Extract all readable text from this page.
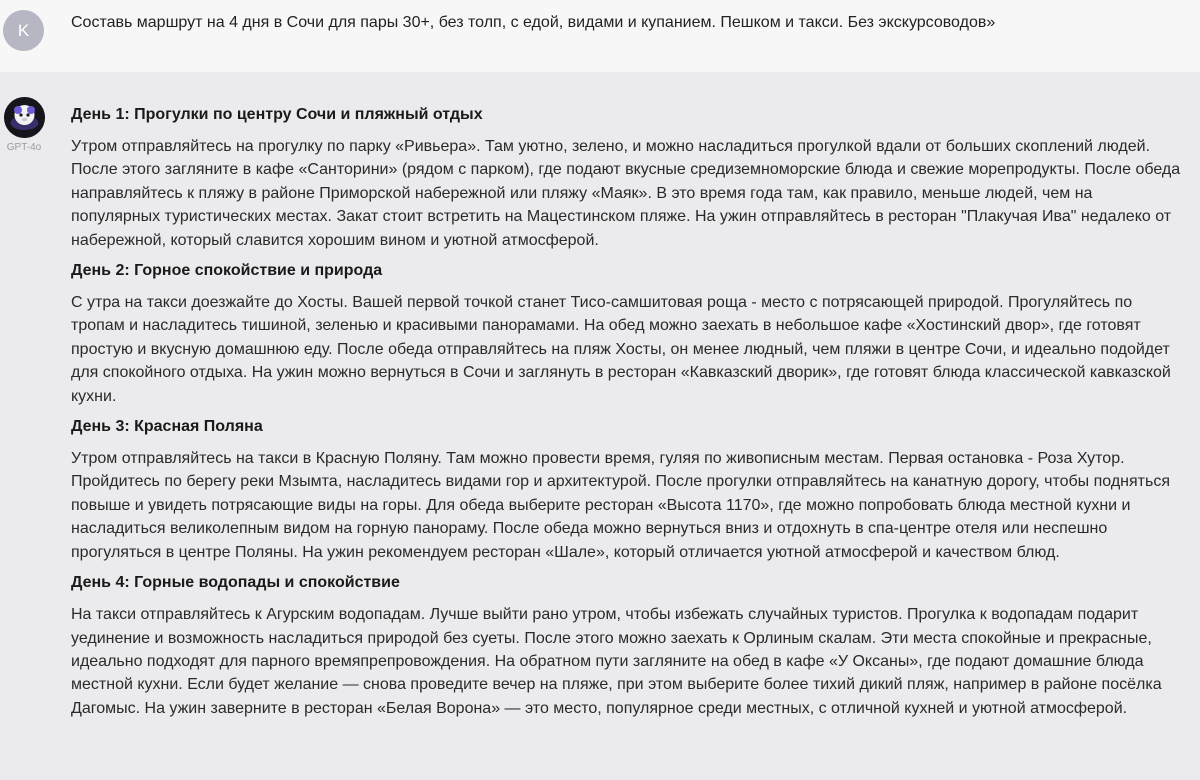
K	Составь маршрут на 4 дня в Сочи для пары 30+, без толп, с едой, видами и купанием. Пешком и такси. Без экскурсоводов»
GPT-4o
День 1: Прогулки по центру Сочи и пляжный отдых
Утром отправляйтесь на прогулку по парку «Ривьера». Там уютно, зелено, и можно насладиться прогулкой вдали от больших скоплений людей. После этого загляните в кафе «Санторини» (рядом с парком), где подают вкусные средиземноморские блюда и свежие морепродукты. После обеда направляйтесь к пляжу в районе Приморской набережной или пляжу «Маяк». В это время года там, как правило, меньше людей, чем на популярных туристических местах. Закат стоит встретить на Мацестинском пляже. На ужин отправляйтесь в ресторан "Плакучая Ива" недалеко от набережной, который славится хорошим вином и уютной атмосферой.
День 2: Горное спокойствие и природа
С утра на такси доезжайте до Хосты. Вашей первой точкой станет Тисо-самшитовая роща - место с потрясающей природой. Прогуляйтесь по тропам и насладитесь тишиной, зеленью и красивыми панорамами. На обед можно заехать в небольшое кафе «Хостинский двор», где готовят простую и вкусную домашнюю еду. После обеда отправляйтесь на пляж Хосты, он менее людный, чем пляжи в центре Сочи, и идеально подойдет для спокойного отдыха. На ужин можно вернуться в Сочи и заглянуть в ресторан «Кавказский дворик», где готовят блюда классической кавказской кухни.
День 3: Красная Поляна
Утром отправляйтесь на такси в Красную Поляну. Там можно провести время, гуляя по живописным местам. Первая остановка - Роза Хутор. Пройдитесь по берегу реки Мзымта, насладитесь видами гор и архитектурой. После прогулки отправляйтесь на канатную дорогу, чтобы подняться повыше и увидеть потрясающие виды на горы. Для обеда выберите ресторан «Высота 1170», где можно попробовать блюда местной кухни и насладиться великолепным видом на горную панораму. После обеда можно вернуться вниз и отдохнуть в спа-центре отеля или неспешно прогуляться в центре Поляны. На ужин рекомендуем ресторан «Шале», который отличается уютной атмосферой и качеством блюд.
День 4: Горные водопады и спокойствие
На такси отправляйтесь к Агурским водопадам. Лучше выйти рано утром, чтобы избежать случайных туристов. Прогулка к водопадам подарит уединение и возможность насладиться природой без суеты. После этого можно заехать к Орлиным скалам. Эти места спокойные и прекрасные, идеально подходят для парного времяпрепровождения. На обратном пути загляните на обед в кафе «У Оксаны», где подают домашние блюда местной кухни. Если будет желание — снова проведите вечер на пляже, при этом выберите более тихий дикий пляж, например в районе посёлка Дагомыс. На ужин заверните в ресторан «Белая Ворона» — это место, популярное среди местных, с отличной кухней и уютной атмосферой.
